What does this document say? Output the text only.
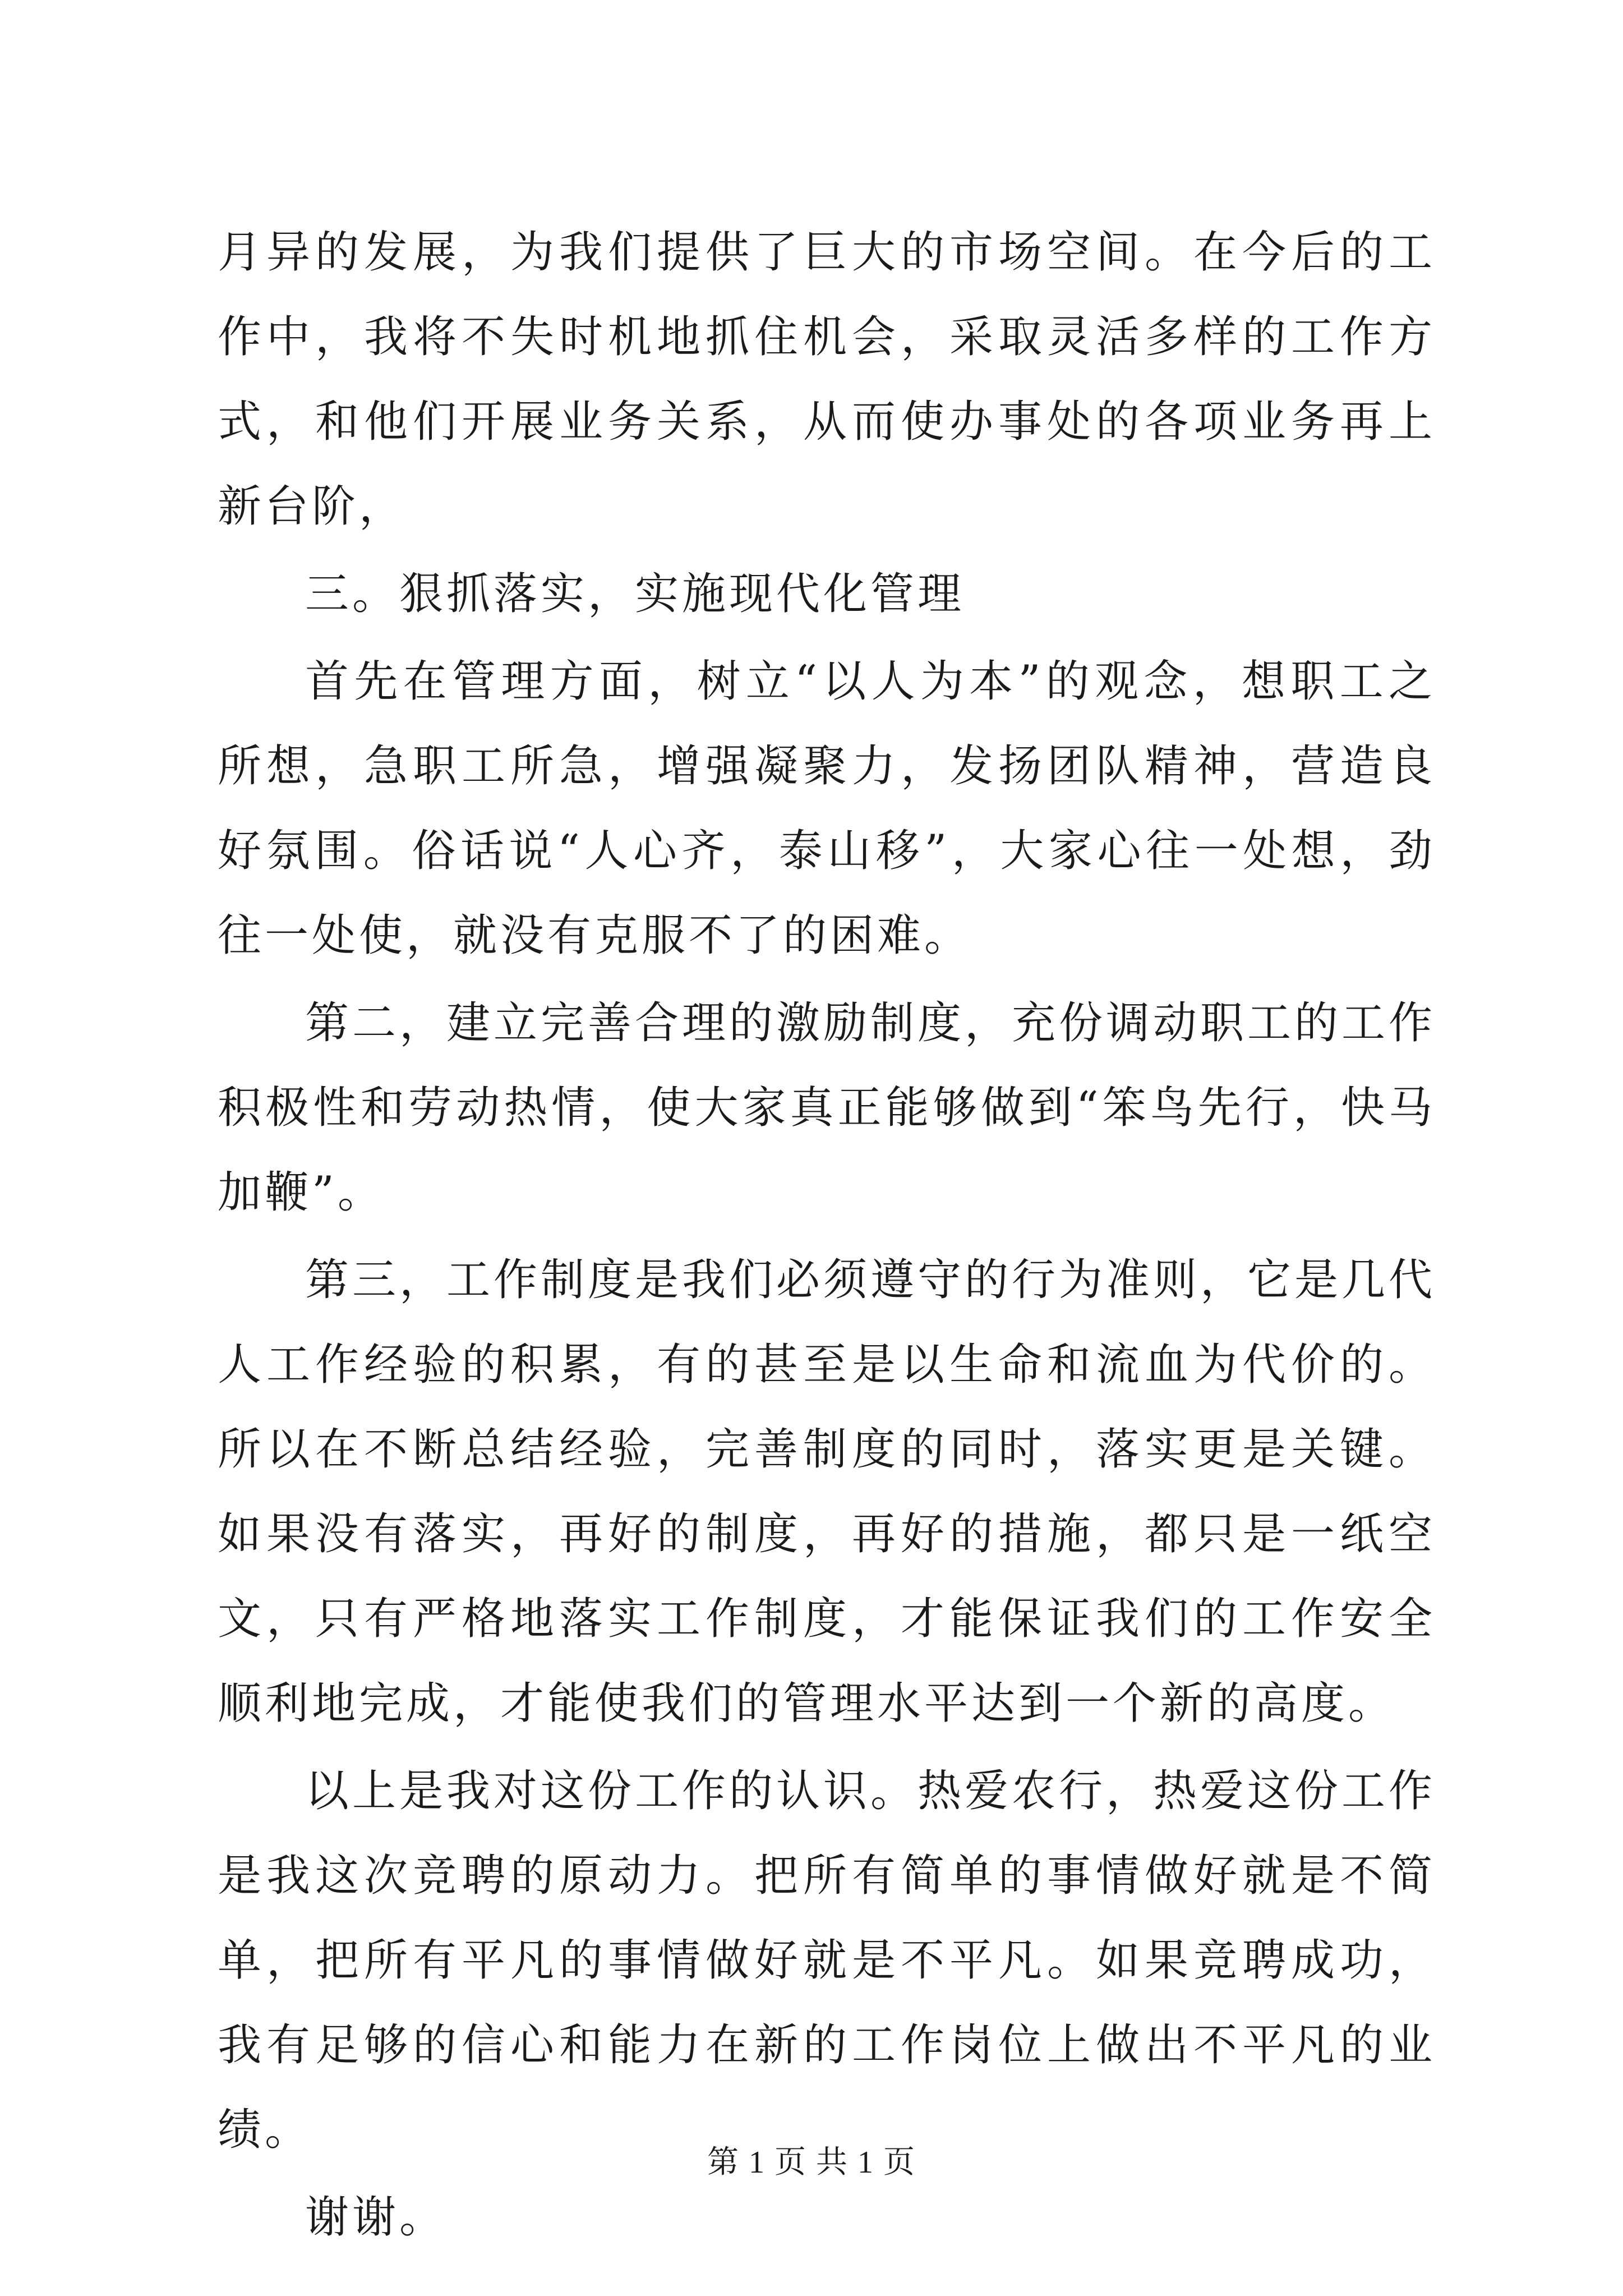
月异的发展，为我们提供了巨大的市场空间。在今后的工作中，我将不失时机地抓住机会，采取灵活多样的工作方式，和他们开展业务关系，从而使办事处的各项业务再上新台阶，

三。狠抓落实，实施现代化管理

首先在管理方面，树立“以人为本”的观念，想职工之所想，急职工所急，增强凝聚力，发扬团队精神，营造良好氛围。俗话说“人心齐，泰山移”，大家心往一处想，劲往一处使，就没有克服不了的困难。

第二，建立完善合理的激励制度，充份调动职工的工作积极性和劳动热情，使大家真正能够做到“笨鸟先行，快马加鞭”。

第三，工作制度是我们必须遵守的行为准则，它是几代人工作经验的积累，有的甚至是以生命和流血为代价的。所以在不断总结经验，完善制度的同时，落实更是关键。如果没有落实，再好的制度，再好的措施，都只是一纸空文，只有严格地落实工作制度，才能保证我们的工作安全顺利地完成，才能使我们的管理水平达到一个新的高度。

以上是我对这份工作的认识。热爱农行，热爱这份工作是我这次竞聘的原动力。把所有简单的事情做好就是不简单，把所有平凡的事情做好就是不平凡。如果竞聘成功，我有足够的信心和能力在新的工作岗位上做出不平凡的业绩。

谢谢。

第 1 页 共 1 页
